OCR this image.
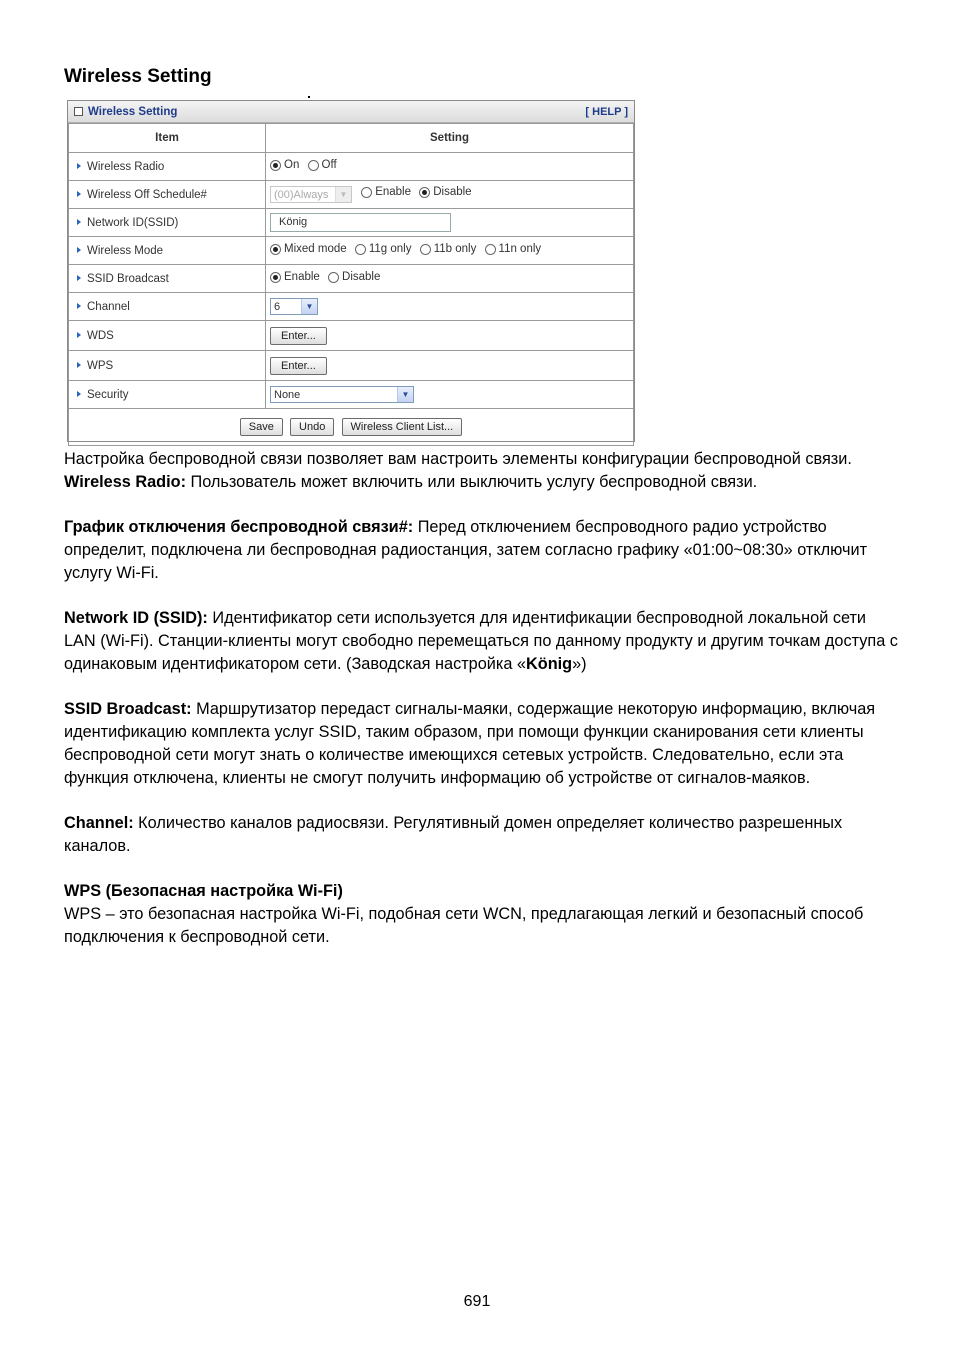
Wireless Setting
Wireless Setting	[ HELP ]
Item	Setting
Wireless Radio	On
Off

Wireless Off Schedule#	(00)Always ▼
Enable
Disable

Network ID(SSID)	König
Wireless Mode	Mixed mode
11g only
11b only
11n only

SSID Broadcast	Enable
Disable

Channel	6 ▼

WDS	Enter...
WPS	Enter...
Security	None ▼

Save Undo Wireless Client List...	

Настройка беспроводной связи позволяет вам настроить элементы конфигурации беспроводной связи.

Wireless Radio: Пользователь может включить или выключить услугу беспроводной связи.

График отключения беспроводной связи#: Перед отключением беспроводного радио устройство определит, подключена ли беспроводная радиостанция, затем согласно графику «01:00~08:30» отключит услугу Wi-Fi.

Network ID (SSID): Идентификатор сети используется для идентификации беспроводной локальной сети LAN (Wi-Fi). Станции-клиенты могут свободно перемещаться по данному продукту и другим точкам доступа с одинаковым идентификатором сети. (Заводская настройка «König»)

SSID Broadcast: Маршрутизатор передаст сигналы-маяки, содержащие некоторую информацию, включая идентификацию комплекта услуг SSID, таким образом, при помощи функции сканирования сети клиенты беспроводной сети могут знать о количестве имеющихся сетевых устройств. Следовательно, если эта функция отключена, клиенты не смогут получить информацию об устройстве от сигналов-маяков.

Channel: Количество каналов радиосвязи. Регулятивный домен определяет количество разрешенных каналов.

WPS (Безопасная настройка Wi-Fi)

WPS – это безопасная настройка Wi-Fi, подобная сети WCN, предлагающая легкий и безопасный способ подключения к беспроводной сети.

691
